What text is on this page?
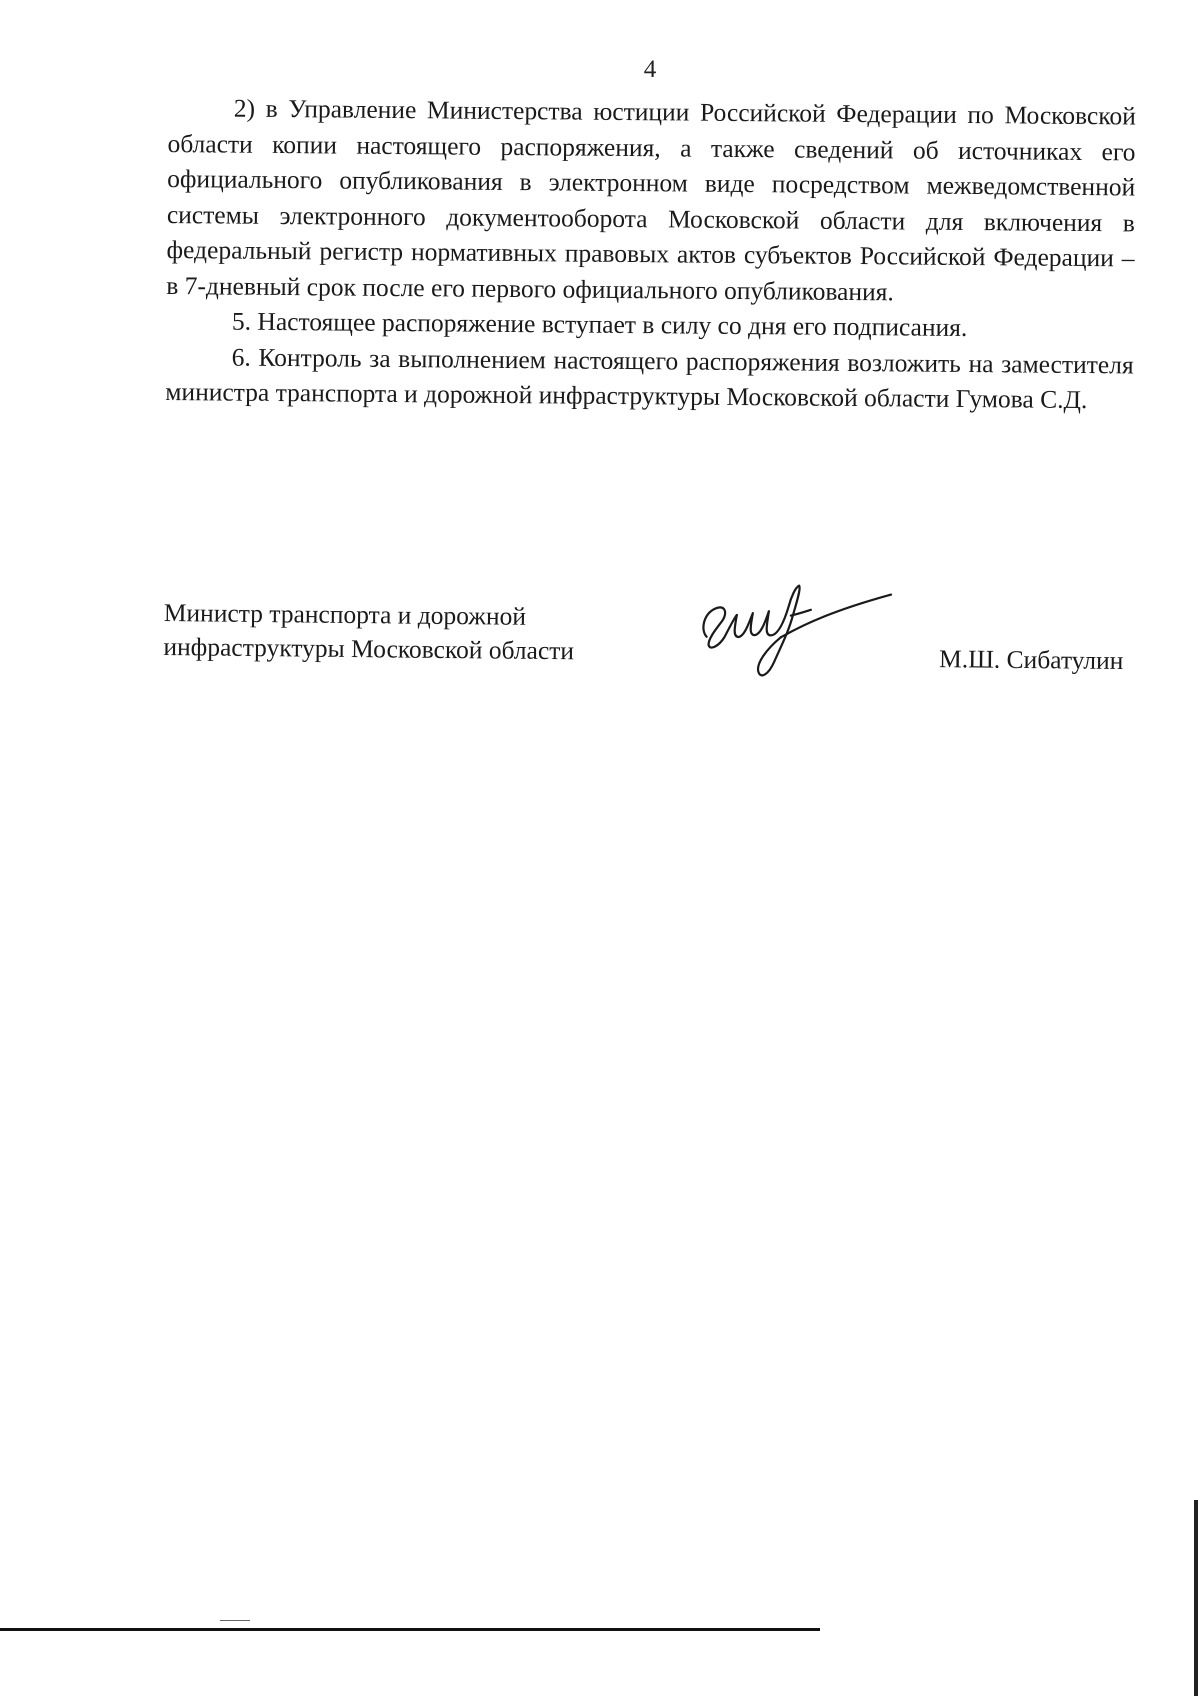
4

2) в Управление Министерства юстиции Российской Федерации по Московской области копии настоящего распоряжения, а также сведений об источниках его официального опубликования в электронном виде посредством межведомственной системы электронного документооборота Московской области для включения в федеральный регистр нормативных правовых актов субъектов Российской Федерации – в 7-дневный срок после его первого официального опубликования.

5. Настоящее распоряжение вступает в силу со дня его подписания.

6. Контроль за выполнением настоящего распоряжения возложить на заместителя министра транспорта и дорожной инфраструктуры Московской области Гумова С.Д.

Министр транспорта и дорожной
инфраструктуры Московской области	М.Ш. Сибатулин
